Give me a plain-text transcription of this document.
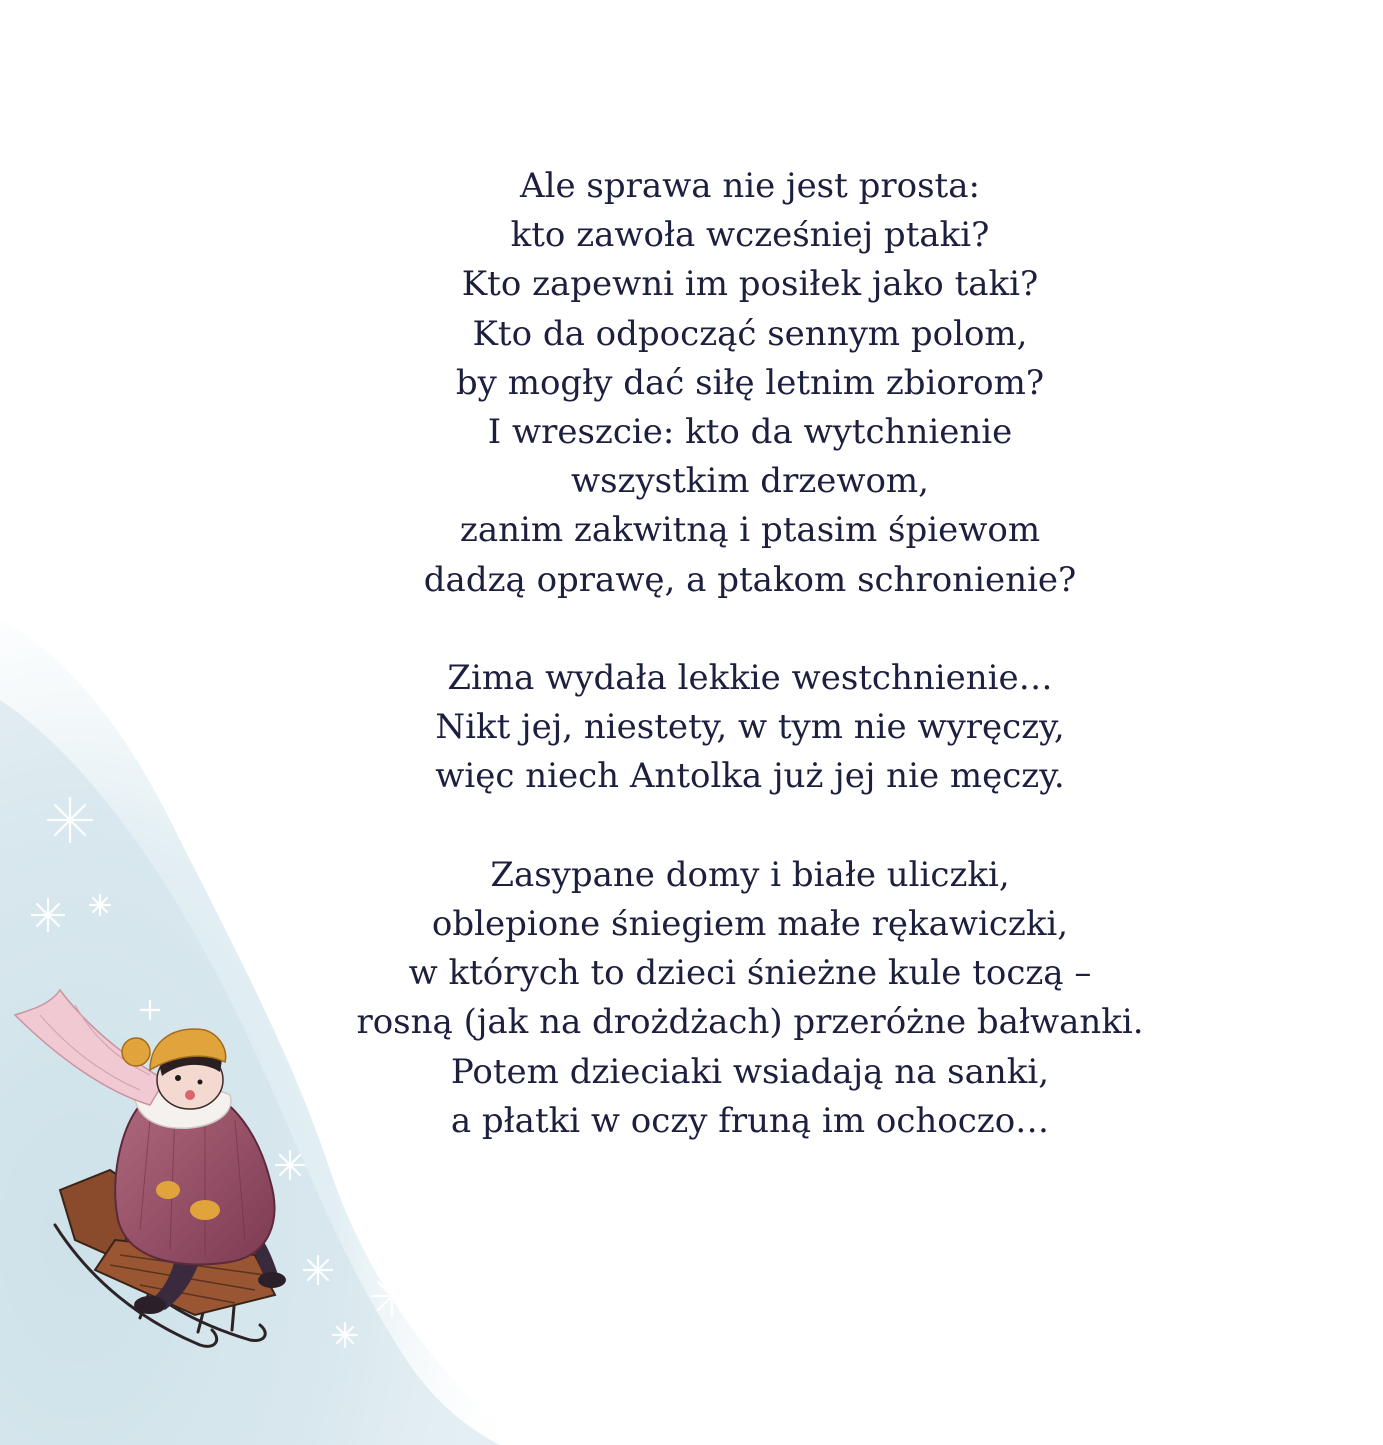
Ale sprawa nie jest prosta:
kto zawoła wcześniej ptaki?
Kto zapewni im posiłek jako taki?
Kto da odpocząć sennym polom,
by mogły dać siłę letnim zbiorom?
I wreszcie: kto da wytchnienie
wszystkim drzewom,
zanim zakwitną i ptasim śpiewom
dadzą oprawę, a ptakom schronienie?
Zima wydała lekkie westchnienie…
Nikt jej, niestety, w tym nie wyręczy,
więc niech Antolka już jej nie męczy.
Zasypane domy i białe uliczki,
oblepione śniegiem małe rękawiczki,
w których to dzieci śnieżne kule toczą –
rosną (jak na drożdżach) przeróżne bałwanki.
Potem dzieciaki wsiadają na sanki,
a płatki w oczy fruną im ochoczo…
